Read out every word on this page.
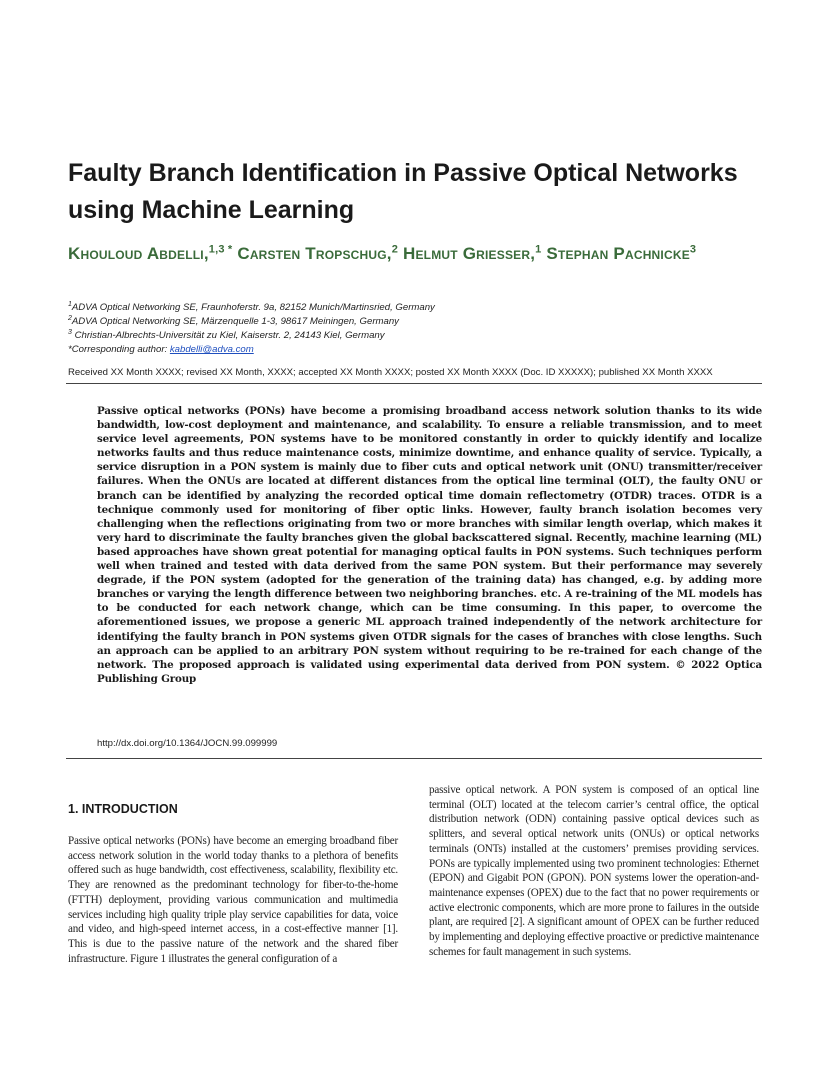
Faulty Branch Identification in Passive Optical Networks using Machine Learning

Khouloud Abdelli,$^{1,3 *}$ Carsten Tropschug,$^2$ Helmut Griesser,$^1$ Stephan Pachnicke$^3$

$^1$ADVA Optical Networking SE, Fraunhoferstr. 9a, 82152 Munich/Martinsried, Germany
$^2$ADVA Optical Networking SE, Märzenquelle 1-3, 98617 Meiningen, Germany
$^3$ Christian-Albrechts-Universität zu Kiel, Kaiserstr. 2, 24143 Kiel, Germany
*Corresponding author: kabdelli@adva.com
Received XX Month XXXX; revised XX Month, XXXX; accepted XX Month XXXX; posted XX Month XXXX (Doc. ID XXXXX); published XX Month XXXX

Passive optical networks (PONs) have become a promising broadband access network solution thanks to its wide bandwidth, low-cost deployment and maintenance, and scalability. To ensure a reliable transmission, and to meet service level agreements, PON systems have to be monitored constantly in order to quickly identify and localize networks faults and thus reduce maintenance costs, minimize downtime, and enhance quality of service. Typically, a service disruption in a PON system is mainly due to fiber cuts and optical network unit (ONU) transmitter/receiver failures. When the ONUs are located at different distances from the optical line terminal (OLT), the faulty ONU or branch can be identified by analyzing the recorded optical time domain reflectometry (OTDR) traces. OTDR is a technique commonly used for monitoring of fiber optic links. However, faulty branch isolation becomes very challenging when the reflections originating from two or more branches with similar length overlap, which makes it very hard to discriminate the faulty branches given the global backscattered signal. Recently, machine learning (ML) based approaches have shown great potential for managing optical faults in PON systems. Such techniques perform well when trained and tested with data derived from the same PON system. But their performance may severely degrade, if the PON system (adopted for the generation of the training data) has changed, e.g. by adding more branches or varying the length difference between two neighboring branches. etc. A re-training of the ML models has to be conducted for each network change, which can be time consuming. In this paper, to overcome the aforementioned issues, we propose a generic ML approach trained independently of the network architecture for identifying the faulty branch in PON systems given OTDR signals for the cases of branches with close lengths. Such an approach can be applied to an arbitrary PON system without requiring to be re-trained for each change of the network. The proposed approach is validated using experimental data derived from PON system. © 2022 Optica Publishing Group

http://dx.doi.org/10.1364/JOCN.99.099999
1. INTRODUCTION

Passive optical networks (PONs) have become an emerging broadband fiber access network solution in the world today thanks to a plethora of benefits offered such as huge bandwidth, cost effectiveness, scalability, flexibility etc. They are renowned as the predominant technology for fiber-to-the-home (FTTH) deployment, providing various communication and multimedia services including high quality triple play service capabilities for data, voice and video, and high-speed internet access, in a cost-effective manner [1]. This is due to the passive nature of the network and the shared fiber infrastructure. Figure 1 illustrates the general configuration of a

passive optical network. A PON system is composed of an optical line terminal (OLT) located at the telecom carrier’s central office, the optical distribution network (ODN) containing passive optical devices such as splitters, and several optical network units (ONUs) or optical networks terminals (ONTs) installed at the customers’ premises providing services. PONs are typically implemented using two prominent technologies: Ethernet (EPON) and Gigabit PON (GPON). PON systems lower the operation-and-maintenance expenses (OPEX) due to the fact that no power requirements or active electronic components, which are more prone to failures in the outside plant, are required [2]. A significant amount of OPEX can be further reduced by implementing and deploying effective proactive or predictive maintenance schemes for fault management in such systems.
